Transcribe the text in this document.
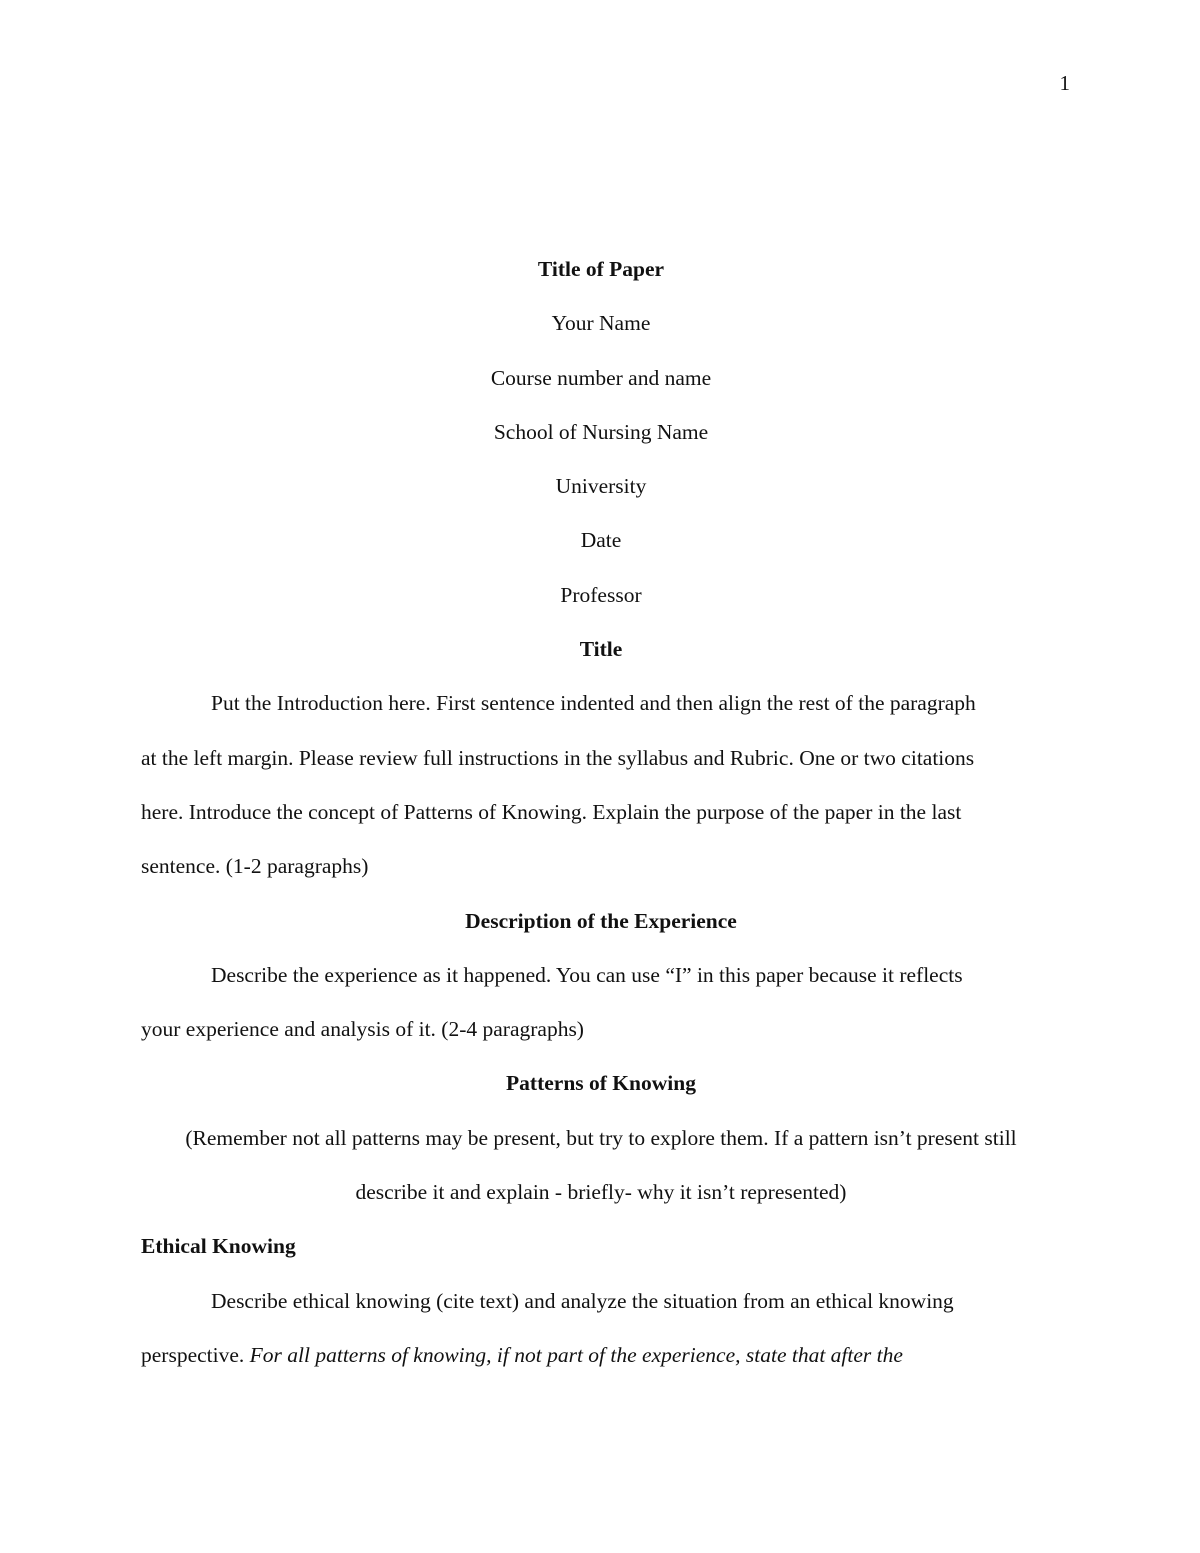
1
Title of Paper
Your Name
Course number and name
School of Nursing Name
University
Date
Professor
Title
Put the Introduction here. First sentence indented and then align the rest of the paragraph
at the left margin. Please review full instructions in the syllabus and Rubric. One or two citations
here. Introduce the concept of Patterns of Knowing. Explain the purpose of the paper in the last
sentence. (1-2 paragraphs)
Description of the Experience
Describe the experience as it happened. You can use “I” in this paper because it reflects
your experience and analysis of it. (2-4 paragraphs)
Patterns of Knowing
(Remember not all patterns may be present, but try to explore them. If a pattern isn’t present still
describe it and explain - briefly- why it isn’t represented)
Ethical Knowing
Describe ethical knowing (cite text) and analyze the situation from an ethical knowing
perspective. For all patterns of knowing, if not part of the experience, state that after the
